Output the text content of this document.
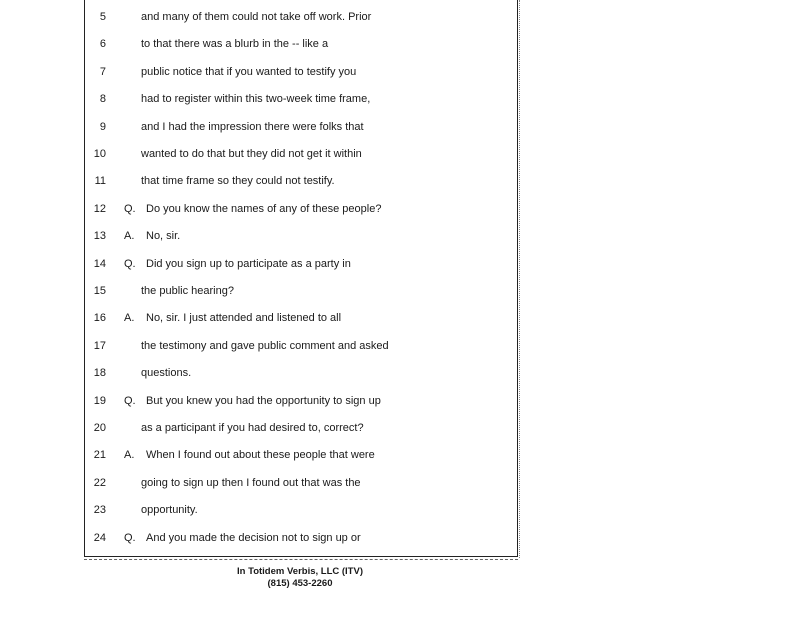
5	and many of them could not take off work. Prior
6	to that there was a blurb in the -- like a
7	public notice that if you wanted to testify you
8	had to register within this two-week time frame,
9	and I had the impression there were folks that
10	wanted to do that but they did not get it within
11	that time frame so they could not testify.
12 Q. Do you know the names of any of these people?
13 A. No, sir.
14 Q. Did you sign up to participate as a party in
15	the public hearing?
16 A. No, sir. I just attended and listened to all
17	the testimony and gave public comment and asked
18	questions.
19 Q. But you knew you had the opportunity to sign up
20	as a participant if you had desired to, correct?
21 A. When I found out about these people that were
22	going to sign up then I found out that was the
23	opportunity.
24 Q. And you made the decision not to sign up or
In Totidem Verbis, LLC (ITV)
(815) 453-2260
